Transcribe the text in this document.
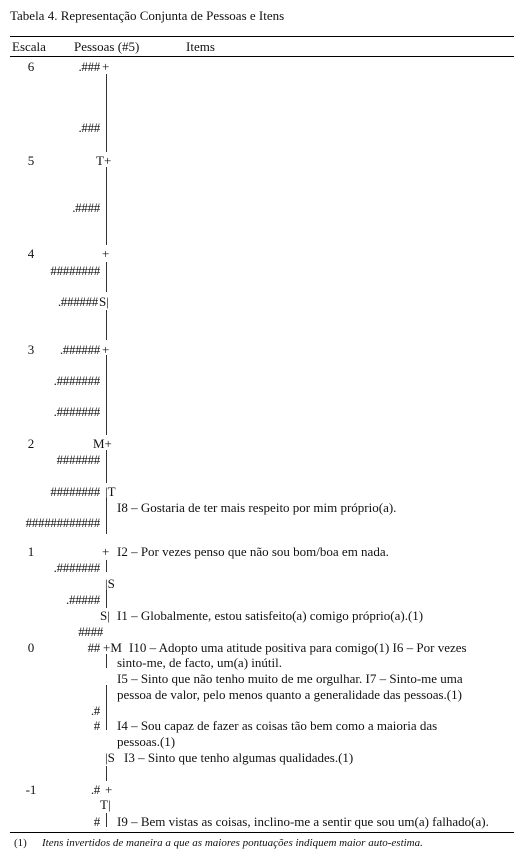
Tabela 4. Representação Conjunta de Pessoas e Itens
Escala Pessoas (#5)	Items
6
5
4
3
2
1
0
-1
.###
.###
.####
########
.######
.######
.#######
.#######
#######
########
############
.#######
.#####
####
##
.#
#
.#
#
+
T+
+
S|
+
M+
|T
+
|S
S|
+M
|S
+
T|
I8 – Gostaria de ter mais respeito por mim próprio(a).
I2 – Por vezes penso que não sou bom/boa em nada.
I1 – Globalmente, estou satisfeito(a) comigo próprio(a).(1)
I10 – Adopto uma atitude positiva para comigo(1) I6 – Por vezes
sinto-me, de facto, um(a) inútil.
I5 – Sinto que não tenho muito de me orgulhar. I7 – Sinto-me uma
pessoa de valor, pelo menos quanto a generalidade das pessoas.(1)
I4 – Sou capaz de fazer as coisas tão bem como a maioria das
pessoas.(1)
I3 – Sinto que tenho algumas qualidades.(1)
I9 – Bem vistas as coisas, inclino-me a sentir que sou um(a) falhado(a).
(1) Itens invertidos de maneira a que as maiores pontuações indiquem maior auto-estima.
